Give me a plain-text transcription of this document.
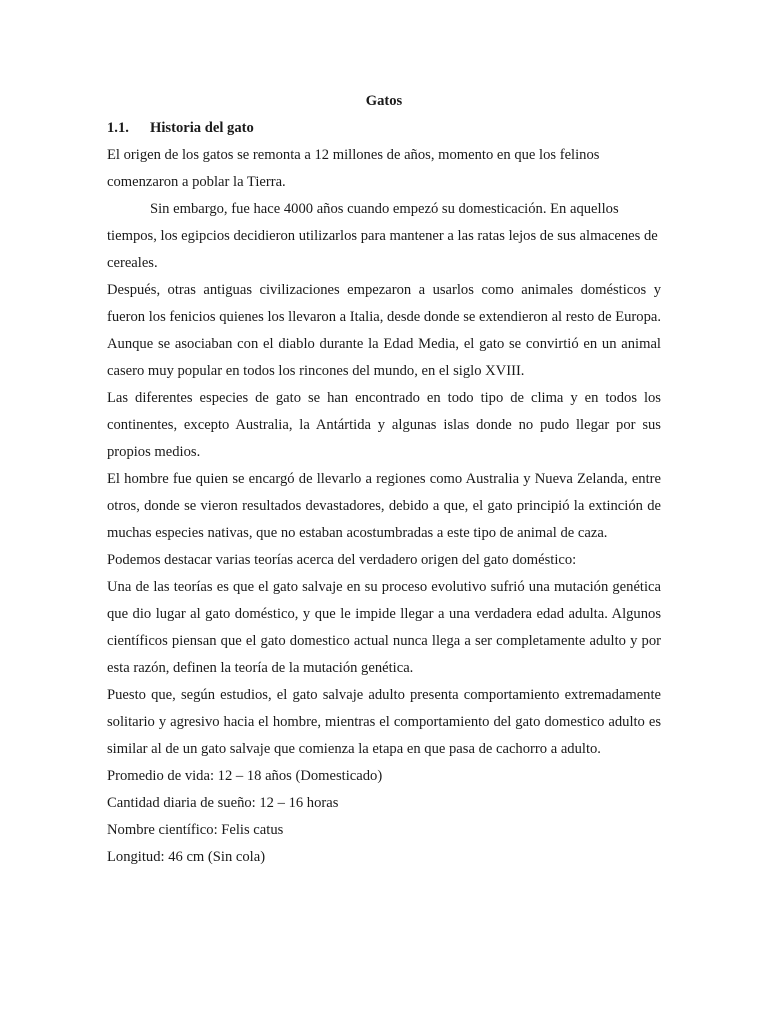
Gatos

1.1.	Historia del gato

El origen de los gatos se remonta a 12 millones de años, momento en que los felinos comenzaron a poblar la Tierra.

Sin embargo, fue hace 4000 años cuando empezó su domesticación. En aquellos tiempos, los egipcios decidieron utilizarlos para mantener a las ratas lejos de sus almacenes de cereales.

Después, otras antiguas civilizaciones empezaron a usarlos como animales domésticos y fueron los fenicios quienes los llevaron a Italia, desde donde se extendieron al resto de Europa. Aunque se asociaban con el diablo durante la Edad Media, el gato se convirtió en un animal casero muy popular en todos los rincones del mundo, en el siglo XVIII.

Las diferentes especies de gato se han encontrado en todo tipo de clima y en todos los continentes, excepto Australia, la Antártida y algunas islas donde no pudo llegar por sus propios medios.

El hombre fue quien se encargó de llevarlo a regiones como Australia y Nueva Zelanda, entre otros, donde se vieron resultados devastadores, debido a que, el gato principió la extinción de muchas especies nativas, que no estaban acostumbradas a este tipo de animal de caza.

Podemos destacar varias teorías acerca del verdadero origen del gato doméstico:

Una de las teorías es que el gato salvaje en su proceso evolutivo sufrió una mutación genética que dio lugar al gato doméstico, y que le impide llegar a una verdadera edad adulta. Algunos científicos piensan que el gato domestico actual nunca llega a ser completamente adulto y por esta razón, definen la teoría de la mutación genética.

Puesto que, según estudios, el gato salvaje adulto presenta comportamiento extremadamente solitario y agresivo hacia el hombre, mientras el comportamiento del gato domestico adulto es similar al de un gato salvaje que comienza la etapa en que pasa de cachorro a adulto.

Promedio de vida: 12 – 18 años (Domesticado)

Cantidad diaria de sueño: 12 – 16 horas

Nombre científico: Felis catus

Longitud: 46 cm (Sin cola)
